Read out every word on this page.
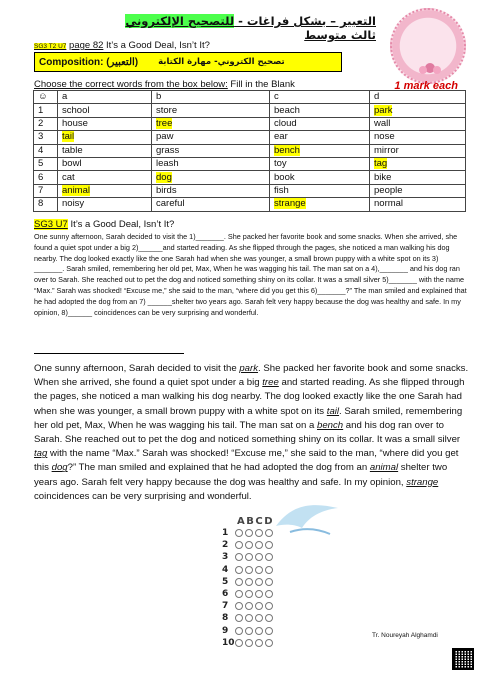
التعبير – بشكل فراغات - للتصحيح الإلكتروني ثالث متوسط
SG3 T2 U7 page 82 It’s a Good Deal, Isn’t It?
Composition: (التعبير) تصحيح الكتروني- مهارة الكتابة
1 mark each
Choose the correct words from the box below: Fill in the Blank
☺	a	b	c	d
1	school	store	beach	park
2	house	tree	cloud	wall
3	tail	paw	ear	nose
4	table	grass	bench	mirror
5	bowl	leash	toy	tag
6	cat	dog	book	bike
7	animal	birds	fish	people
8	noisy	careful	strange	normal
SG3 U7 It’s a Good Deal, Isn’t It?
One sunny afternoon, Sarah decided to visit the 1)_______. She packed her favorite book and some snacks. When she arrived, she found a quiet spot under a big 2)______and started reading. As she flipped through the pages, she noticed a man walking his dog nearby. The dog looked exactly like the one Sarah had when she was younger, a small brown puppy with a white spot on its 3) _______. Sarah smiled, remembering her old pet, Max, When he was wagging his tail. The man sat on a 4),_______ and his dog ran over to Sarah. She reached out to pet the dog and noticed something shiny on its collar. It was a small silver 5)_______ with the name “Max.” Sarah was shocked! “Excuse me,” she said to the man, “where did you get this 6)_______?” The man smiled and explained that he had adopted the dog from an 7) ______shelter two years ago. Sarah felt very happy because the dog was healthy and safe. In my opinion, 8)______ coincidences can be very surprising and wonderful.
One sunny afternoon, Sarah decided to visit the park. She packed her favorite book and some snacks. When she arrived, she found a quiet spot under a big tree and started reading. As she flipped through the pages, she noticed a man walking his dog nearby. The dog looked exactly like the one Sarah had when she was younger, a small brown puppy with a white spot on its tail. Sarah smiled, remembering her old pet, Max, When he was wagging his tail. The man sat on a bench and his dog ran over to Sarah. She reached out to pet the dog and noticed something shiny on its collar. It was a small silver tag with the name “Max.” Sarah was shocked! “Excuse me,” she said to the man, “where did you get this dog?” The man smiled and explained that he had adopted the dog from an animal shelter two years ago. Sarah felt very happy because the dog was healthy and safe. In my opinion, strange coincidences can be very surprising and wonderful.
ABCD
1
2
3
4
5
6
7
8
9
10
Tr. Noureyah Alghamdi
